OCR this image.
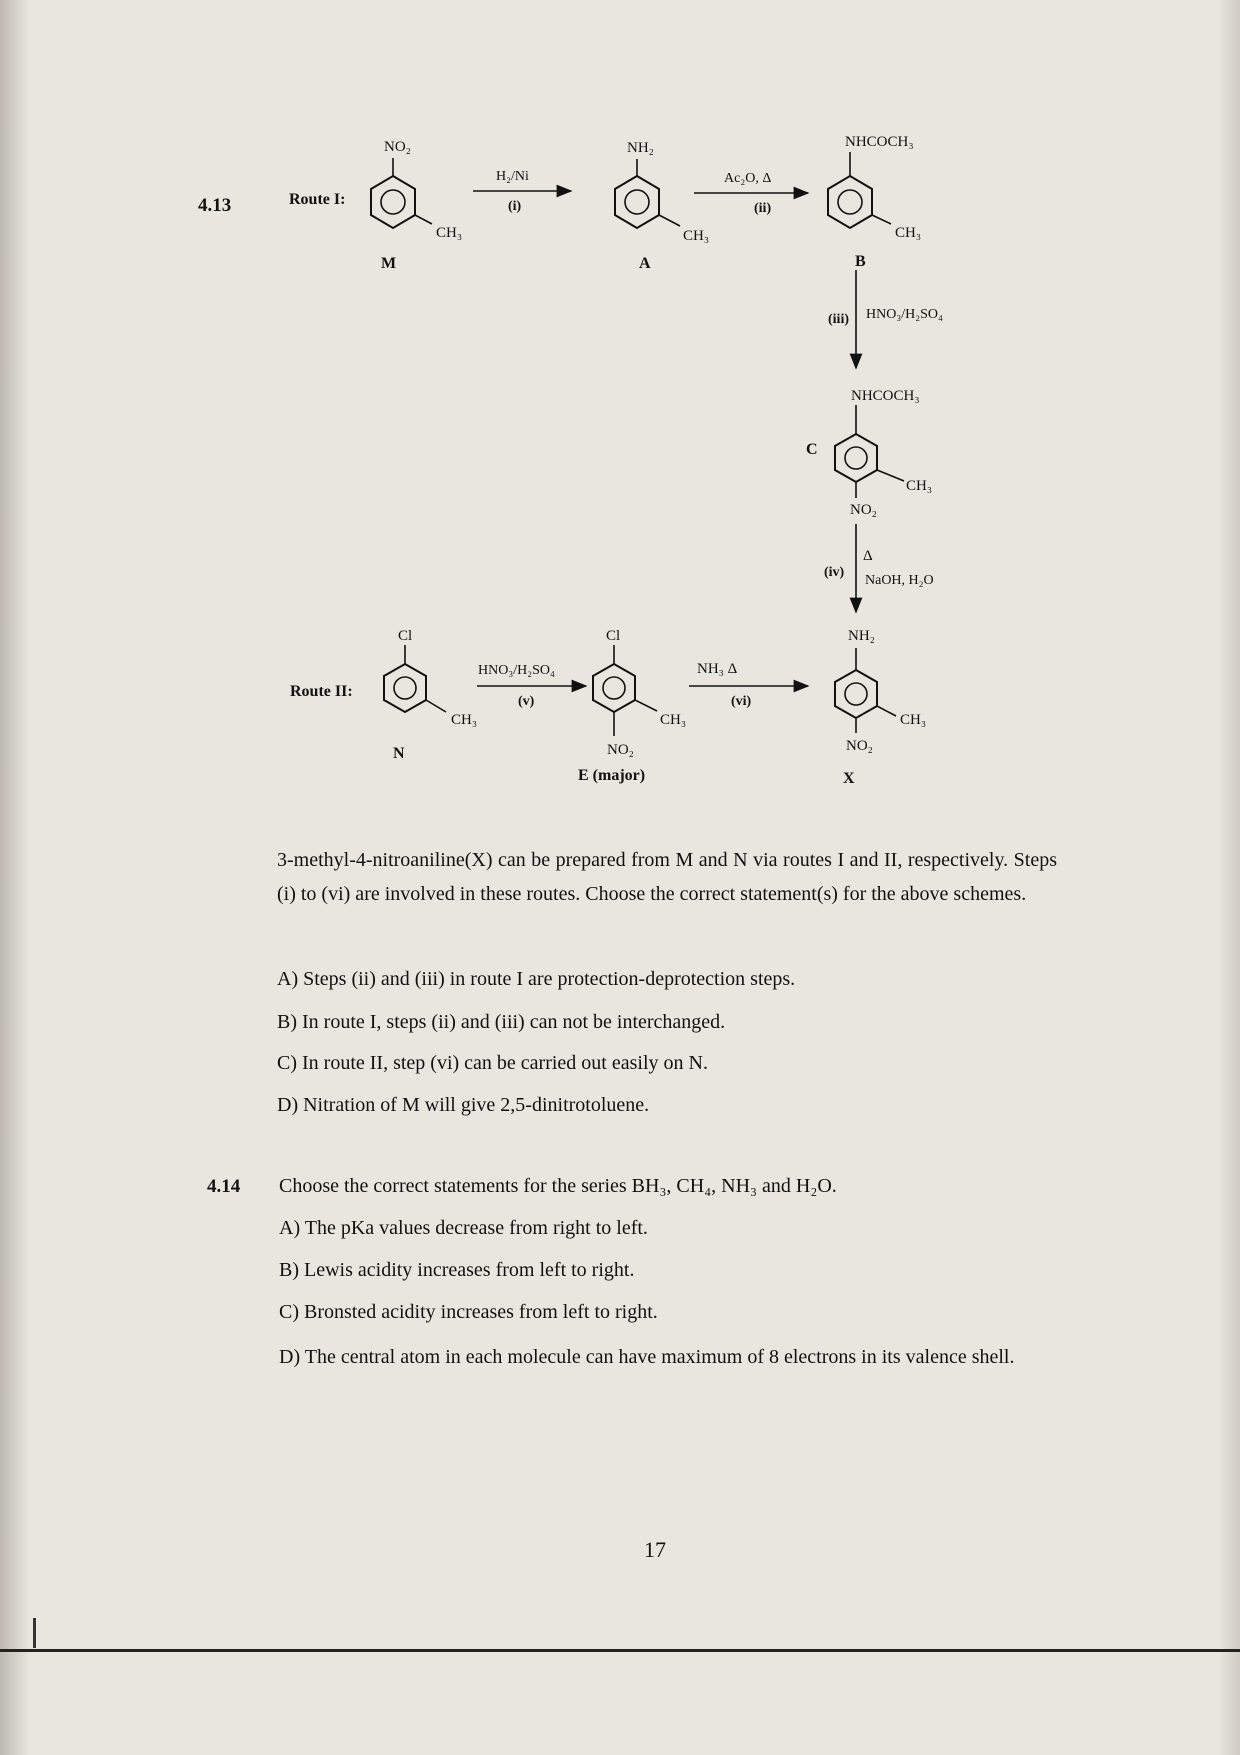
4.13	Route I:
Route II:
NO₂
CH₃
M
H₂/Ni
(i)
NH₂
CH₃
A
Ac₂O, Δ
(ii)
NHCOCH₃
CH₃
B
(iii) HNO₃/H₂SO₄
NHCOCH₃
CH₃
NO₂
C
Δ
NaOH, H₂O
(iv)
Cl
CH₃
N
HNO₃/H₂SO₄
(v)
Cl
CH₃
NO₂
E (major)
NH₃ Δ
(vi)
NH₂
CH₃
NO₂
X
3-methyl-4-nitroaniline(X) can be prepared from M and N via routes I and II, respectively. Steps (i) to (vi) are involved in these routes. Choose the correct statement(s) for the above schemes.
A) Steps (ii) and (iii) in route I are protection-deprotection steps.
B) In route I, steps (ii) and (iii) can not be interchanged.
C) In route II, step (vi) can be carried out easily on N.
D) Nitration of M will give 2,5-dinitrotoluene.
4.14 Choose the correct statements for the series BH₃, CH₄, NH₃ and H₂O.
A) The pKa values decrease from right to left.
B) Lewis acidity increases from left to right.
C) Bronsted acidity increases from left to right.
D) The central atom in each molecule can have maximum of 8 electrons in its valence shell.
17
